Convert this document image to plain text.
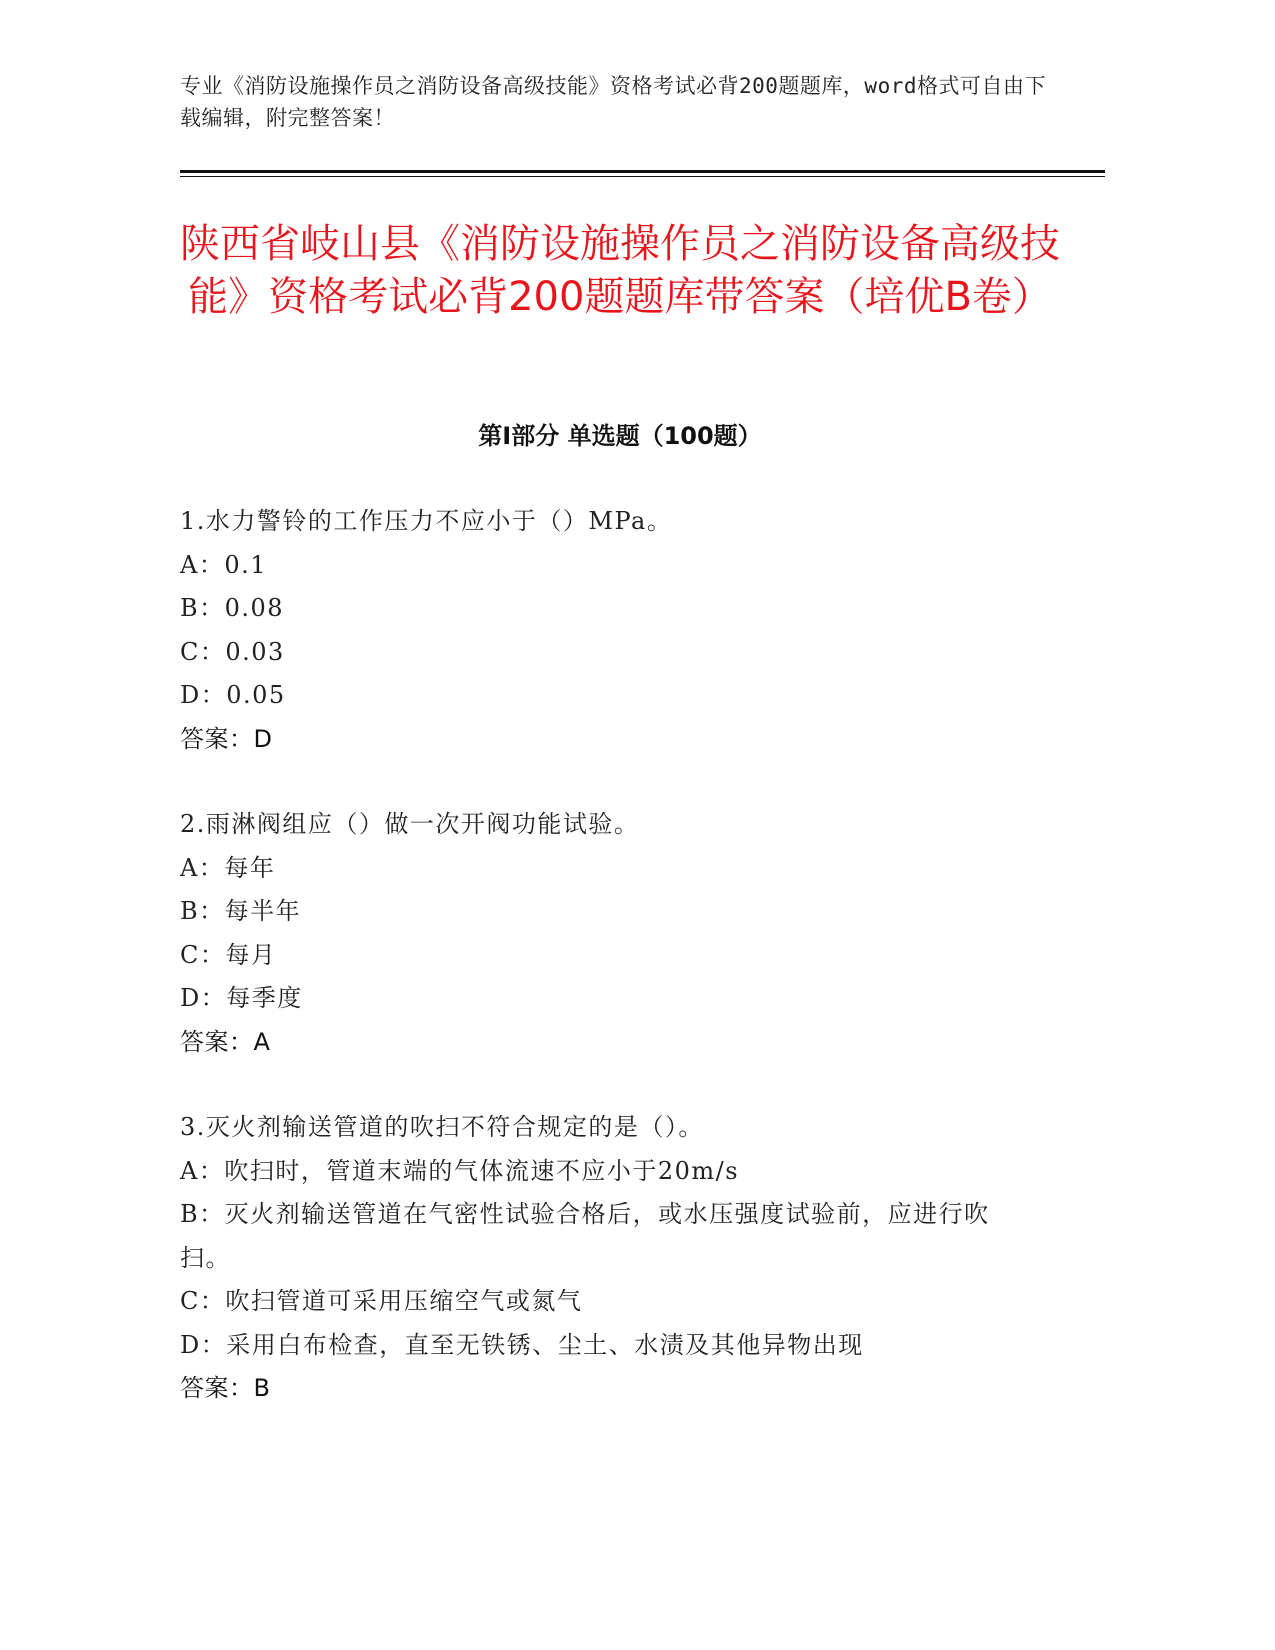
专业《消防设施操作员之消防设备高级技能》资格考试必背200题题库，word格式可自由下载编辑，附完整答案！
陕西省岐山县《消防设施操作员之消防设备高级技能》资格考试必背200题题库带答案（培优B卷）
第I部分 单选题（100题）

1.水力警铃的工作压力不应小于（）MPa。

A：0.1

B：0.08

C：0.03

D：0.05

答案：D

2.雨淋阀组应（）做一次开阀功能试验。

A：每年

B：每半年

C：每月

D：每季度

答案：A

3.灭火剂输送管道的吹扫不符合规定的是（）。

A：吹扫时，管道末端的气体流速不应小于20m/s

B：灭火剂输送管道在气密性试验合格后，或水压强度试验前，应进行吹扫。

C：吹扫管道可采用压缩空气或氮气

D：采用白布检查，直至无铁锈、尘土、水渍及其他异物出现

答案：B
